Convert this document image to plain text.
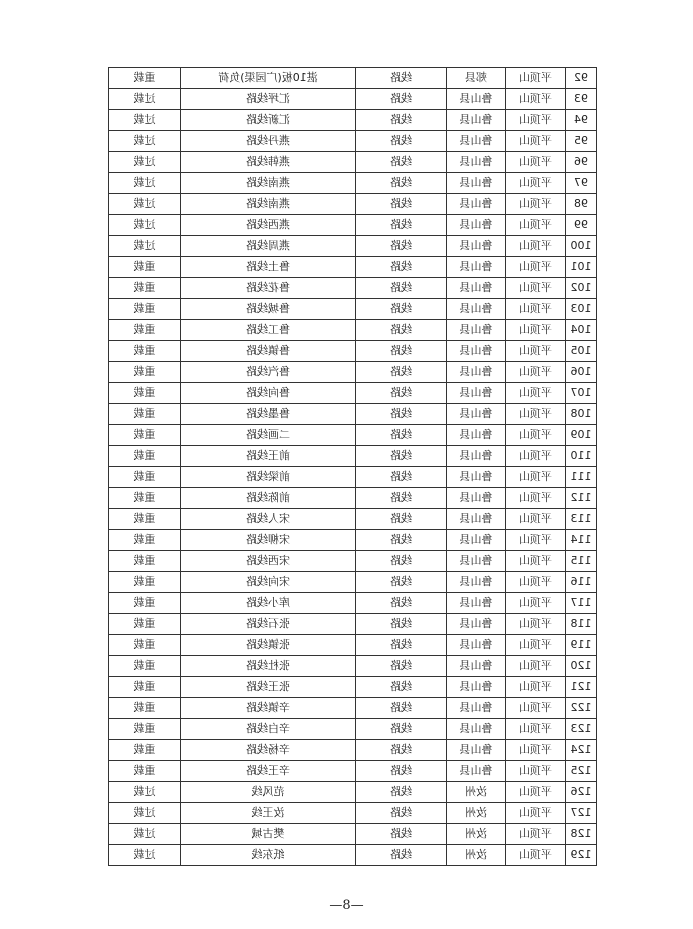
92	平顶山	郏县	线路	湛10板(广园渠)负荷	重载
93	平顶山	鲁山县	线路	汇坪线路	过载
94	平顶山	鲁山县	线路	汇新线路	过载
95	平顶山	鲁山县	线路	燕丹线路	过载
96	平顶山	鲁山县	线路	燕韩线路	过载
97	平顶山	鲁山县	线路	燕南线路	过载
98	平顶山	鲁山县	线路	燕南线路	过载
99	平顶山	鲁山县	线路	燕西线路	过载
100	平顶山	鲁山县	线路	燕周线路	过载
101	平顶山	鲁山县	线路	鲁土线路	重载
102	平顶山	鲁山县	线路	鲁花线路	重载
103	平顶山	鲁山县	线路	鲁城线路	重载
104	平顶山	鲁山县	线路	鲁工线路	重载
105	平顶山	鲁山县	线路	鲁镇线路	重载
106	平顶山	鲁山县	线路	鲁汽线路	重载
107	平顶山	鲁山县	线路	鲁向线路	重载
108	平顶山	鲁山县	线路	鲁墨线路	重载
109	平顶山	鲁山县	线路	二画线路	重载
110	平顶山	鲁山县	线路	前王线路	重载
111	平顶山	鲁山县	线路	前梁线路	重载
112	平顶山	鲁山县	线路	前陈线路	重载
113	平顶山	鲁山县	线路	宋人线路	重载
114	平顶山	鲁山县	线路	宋柳线路	重载
115	平顶山	鲁山县	线路	宋西线路	重载
116	平顶山	鲁山县	线路	宋向线路	重载
117	平顶山	鲁山县	线路	库小线路	重载
118	平顶山	鲁山县	线路	张石线路	重载
119	平顶山	鲁山县	线路	张镇线路	重载
120	平顶山	鲁山县	线路	张杜线路	重载
121	平顶山	鲁山县	线路	张王线路	重载
122	平顶山	鲁山县	线路	辛镇线路	重载
123	平顶山	鲁山县	线路	辛白线路	重载
124	平顶山	鲁山县	线路	辛杨线路	重载
125	平顶山	鲁山县	线路	辛王线路	重载
126	平顶山	汝州	线路	范风线	过载
127	平顶山	汝州	线路	汝王线	过载
128	平顶山	汝州	线路	樊古城	过载
129	平顶山	汝州	线路	纸东线	过载
—8—
